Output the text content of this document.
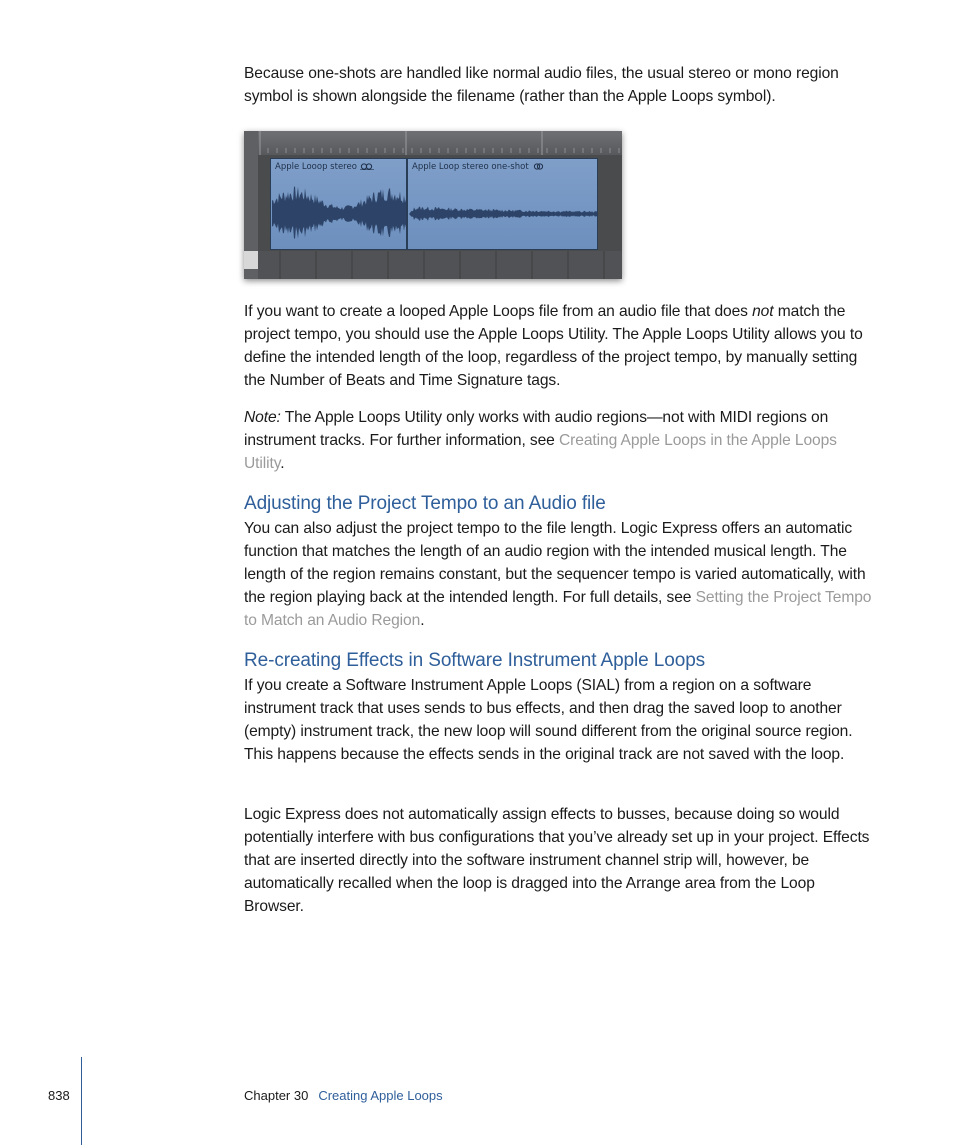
Because one-shots are handled like normal audio files, the usual stereo or mono region symbol is shown alongside the filename (rather than the Apple Loops symbol).

Apple Looop stereo	Apple Loop stereo one-shot

If you want to create a looped Apple Loops file from an audio file that does not match the project tempo, you should use the Apple Loops Utility. The Apple Loops Utility allows you to define the intended length of the loop, regardless of the project tempo, by manually setting the Number of Beats and Time Signature tags.

Note: The Apple Loops Utility only works with audio regions—not with MIDI regions on instrument tracks. For further information, see Creating Apple Loops in the Apple Loops Utility.

Adjusting the Project Tempo to an Audio file

You can also adjust the project tempo to the file length. Logic Express offers an automatic function that matches the length of an audio region with the intended musical length. The length of the region remains constant, but the sequencer tempo is varied automatically, with the region playing back at the intended length. For full details, see Setting the Project Tempo to Match an Audio Region.

Re-creating Effects in Software Instrument Apple Loops

If you create a Software Instrument Apple Loops (SIAL) from a region on a software instrument track that uses sends to bus effects, and then drag the saved loop to another (empty) instrument track, the new loop will sound different from the original source region. This happens because the effects sends in the original track are not saved with the loop.

Logic Express does not automatically assign effects to busses, because doing so would potentially interfere with bus configurations that you’ve already set up in your project. Effects that are inserted directly into the software instrument channel strip will, however, be automatically recalled when the loop is dragged into the Arrange area from the Loop Browser.

838	Chapter 30 Creating Apple Loops
